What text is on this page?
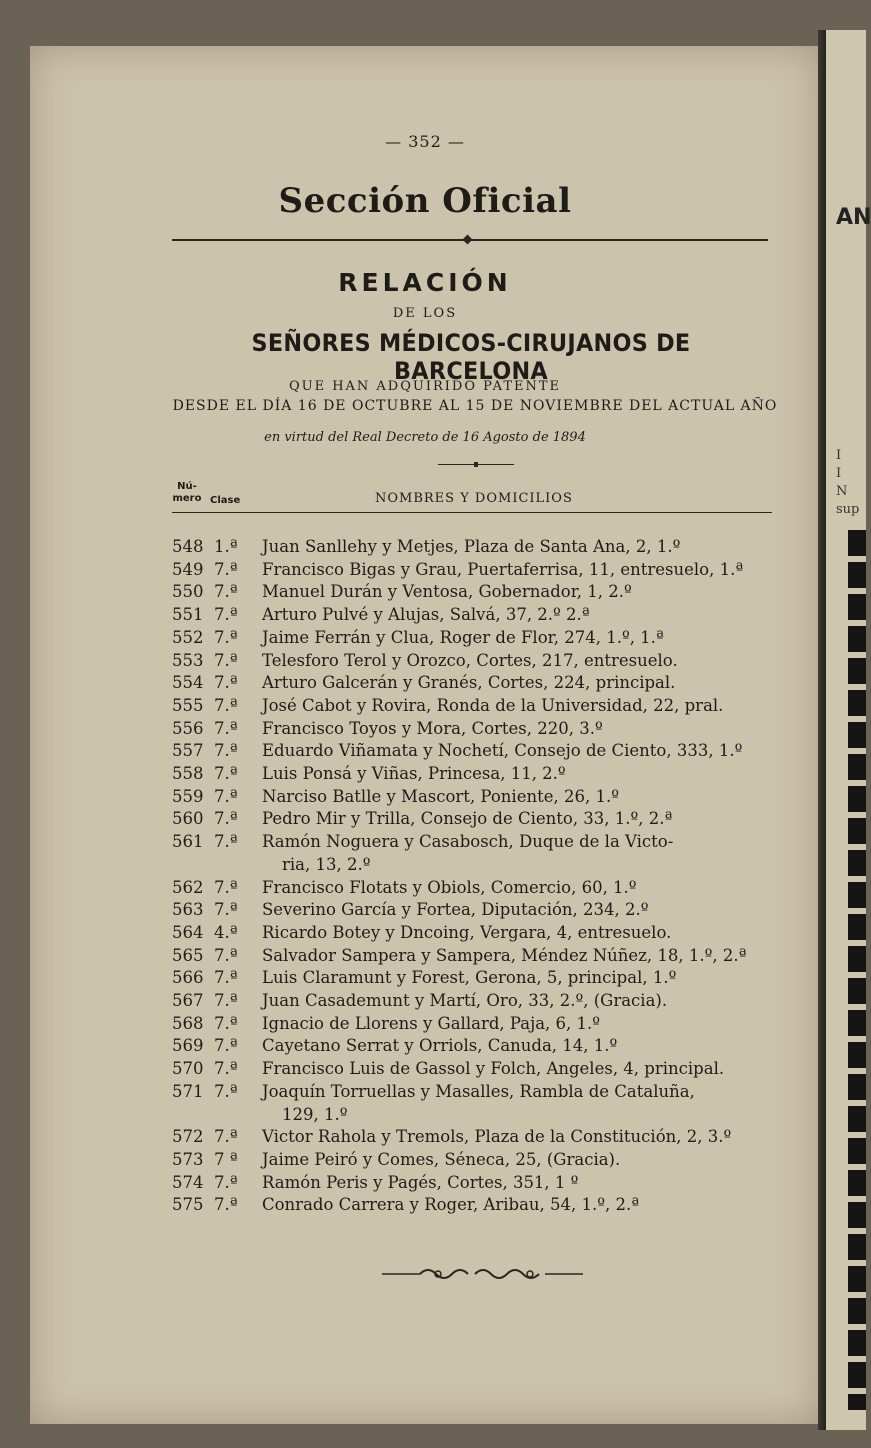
— 352 —
Sección Oficial
RELACIÓN
DE LOS
SEÑORES MÉDICOS-CIRUJANOS DE BARCELONA
QUE HAN ADQUIRIDO PATENTE
DESDE EL DÍA 16 DE OCTUBRE AL 15 DE NOVIEMBRE DEL ACTUAL AÑO
en virtud del Real Decreto de 16 Agosto de 1894
Nú-
mero Clase	NOMBRES Y DOMICILIOS
548 1.ª	Juan Sanllehy y Metjes, Plaza de Santa Ana, 2, 1.º
549 7.ª	Francisco Bigas y Grau, Puertaferrisa, 11, entresuelo, 1.ª
550 7.ª	Manuel Durán y Ventosa, Gobernador, 1, 2.º
551 7.ª	Arturo Pulvé y Alujas, Salvá, 37, 2.º 2.ª
552 7.ª	Jaime Ferrán y Clua, Roger de Flor, 274, 1.º, 1.ª
553 7.ª	Telesforo Terol y Orozco, Cortes, 217, entresuelo.
554 7.ª	Arturo Galcerán y Granés, Cortes, 224, principal.
555 7.ª	José Cabot y Rovira, Ronda de la Universidad, 22, pral.
556 7.ª	Francisco Toyos y Mora, Cortes, 220, 3.º
557 7.ª	Eduardo Viñamata y Nochetí, Consejo de Ciento, 333, 1.º
558 7.ª	Luis Ponsá y Viñas, Princesa, 11, 2.º
559 7.ª	Narciso Batlle y Mascort, Poniente, 26, 1.º
560 7.ª	Pedro Mir y Trilla, Consejo de Ciento, 33, 1.º, 2.ª
561 7.ª	Ramón Noguera y Casabosch, Duque de la Victo-
ria, 13, 2.º
562 7.ª	Francisco Flotats y Obiols, Comercio, 60, 1.º
563 7.ª	Severino García y Fortea, Diputación, 234, 2.º
564 4.ª	Ricardo Botey y Dncoing, Vergara, 4, entresuelo.
565 7.ª	Salvador Sampera y Sampera, Méndez Núñez, 18, 1.º, 2.ª
566 7.ª	Luis Claramunt y Forest, Gerona, 5, principal, 1.º
567 7.ª	Juan Casademunt y Martí, Oro, 33, 2.º, (Gracia).
568 7.ª	Ignacio de Llorens y Gallard, Paja, 6, 1.º
569 7.ª	Cayetano Serrat y Orriols, Canuda, 14, 1.º
570 7.ª	Francisco Luis de Gassol y Folch, Angeles, 4, principal.
571 7.ª	Joaquín Torruellas y Masalles, Rambla de Cataluña,
129, 1.º
572 7.ª	Victor Rahola y Tremols, Plaza de la Constitución, 2, 3.º
573 7 ª	Jaime Peiró y Comes, Séneca, 25, (Gracia).
574 7.ª	Ramón Peris y Pagés, Cortes, 351, 1 º
575 7.ª	Conrado Carrera y Roger, Aribau, 54, 1.º, 2.ª
AN
I
I
N
sup
